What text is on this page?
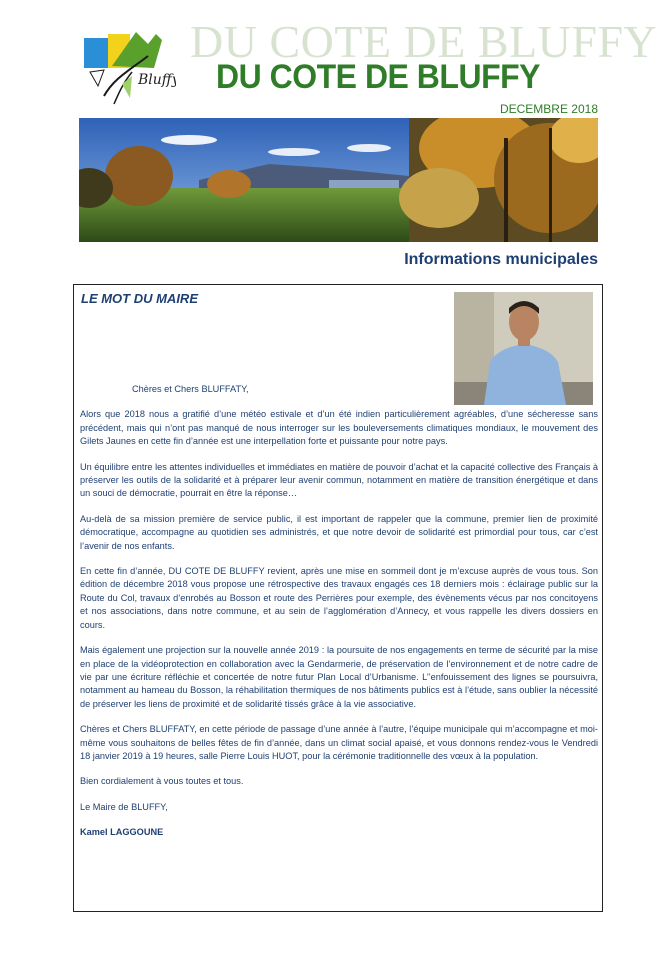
Bluffy
DU COTE DE BLUFFY
DU COTE DE BLUFFY
DECEMBRE 2018
Informations municipales
LE MOT DU MAIRE

Chères et Chers BLUFFATY,

Alors que 2018 nous a gratifié d’une météo estivale et d’un été indien particulièrement agréables, d’une sécheresse sans précédent, mais qui n’ont pas manqué de nous interroger sur les bouleversements climatiques mondiaux, le mouvement des Gilets Jaunes en cette fin d’année est une interpellation forte et puissante pour notre pays.

Un équilibre entre les attentes individuelles et immédiates en matière de pouvoir d’achat et la capacité collective des Français à préserver les outils de la solidarité et à préparer leur avenir commun, notamment en matière de transition énergétique et dans un souci de démocratie, pourrait en être la réponse…

Au-delà de sa mission première de service public, il est important de rappeler que la commune, premier lien de proximité démocratique, accompagne au quotidien ses administrés, et que notre devoir de solidarité est primordial pour tous, car c’est l’avenir de nos enfants.

En cette fin d’année, DU COTE DE BLUFFY revient, après une mise en sommeil dont je m’excuse auprès de vous tous. Son édition de décembre 2018 vous propose une rétrospective des travaux engagés ces 18 derniers mois : éclairage public sur la Route du Col, travaux d’enrobés au Bosson et route des Perrières pour exemple, des évènements vécus par nos concitoyens et nos associations, dans notre commune, et au sein de l’agglomération d’Annecy, et vous rappelle les divers dossiers en cours.

Mais également une projection sur la nouvelle année 2019 : la poursuite de nos engagements en terme de sécurité par la mise en place de la vidéoprotection en collaboration avec la Gendarmerie, de préservation de l’environnement et de notre cadre de vie par une écriture réfléchie et concertée de notre futur Plan Local d’Urbanisme. L’’enfouissement des lignes se poursuivra, notamment au hameau du Bosson, la réhabilitation thermiques de nos bâtiments publics est à l’étude, sans oublier la nécessité de préserver les liens de proximité et de solidarité tissés grâce à la vie associative.

Chères et Chers BLUFFATY, en cette période de passage d’une année à l’autre, l’équipe municipale qui m’accompagne et moi-même vous souhaitons de belles fêtes de fin d’année, dans un climat social apaisé, et vous donnons rendez-vous le Vendredi 18 janvier 2019 à 19 heures, salle Pierre Louis HUOT, pour la cérémonie traditionnelle des vœux à la population.

Bien cordialement à vous toutes et tous.

Le Maire de BLUFFY,

Kamel LAGGOUNE
